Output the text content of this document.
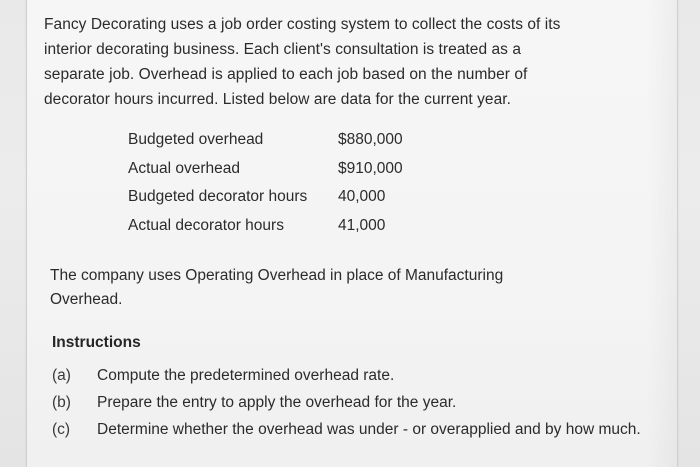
Fancy Decorating uses a job order costing system to collect the costs of its interior decorating business. Each client's consultation is treated as a separate job. Overhead is applied to each job based on the number of decorator hours incurred. Listed below are data for the current year.

Budgeted overhead	$880,000
Actual overhead	$910,000
Budgeted decorator hours	40,000
Actual decorator hours	41,000

The company uses Operating Overhead in place of Manufacturing Overhead.

Instructions

(a) Compute the predetermined overhead rate.
(b) Prepare the entry to apply the overhead for the year.
(c) Determine whether the overhead was under - or overapplied and by how much.
